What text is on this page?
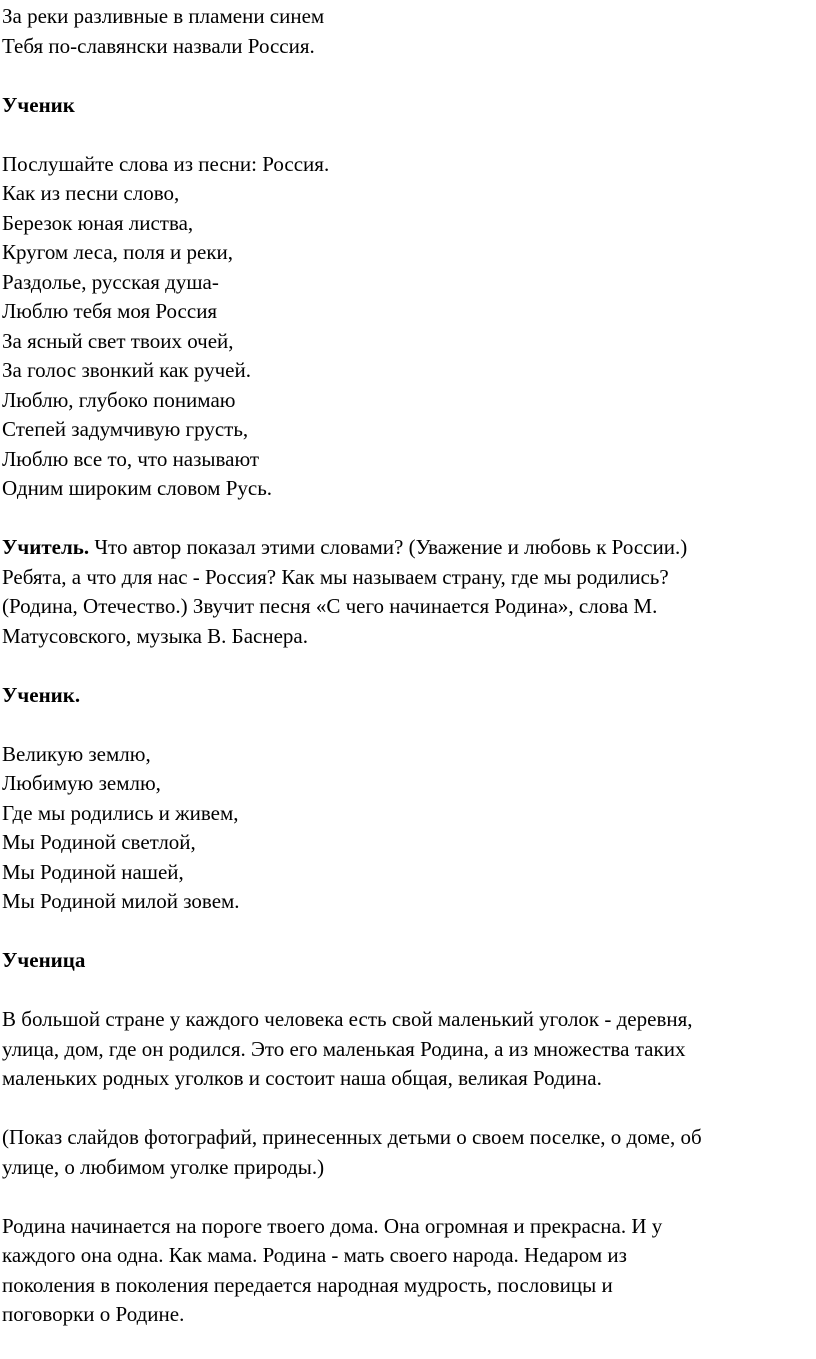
За реки разливные в пламени синем
Тебя по-славянски назвали Россия.
Ученик
Послушайте слова из песни: Россия.
Как из песни слово,
Березок юная листва,
Кругом леса, поля и реки,
Раздолье, русская душа-
Люблю тебя моя Россия
За ясный свет твоих очей,
За голос звонкий как ручей.
Люблю, глубоко понимаю
Степей задумчивую грусть,
Люблю все то, что называют
Одним широким словом Русь.
Учитель. Что автор показал этими словами? (Уважение и любовь к России.)
Ребята, а что для нас - Россия? Как мы называем страну, где мы родились?
(Родина, Отечество.) Звучит песня «С чего начинается Родина», слова М.
Матусовского, музыка В. Баснера.
Ученик.
Великую землю,
Любимую землю,
Где мы родились и живем,
Мы Родиной светлой,
Мы Родиной нашей,
Мы Родиной милой зовем.
Ученица
В большой стране у каждого человека есть свой маленький уголок - деревня,
улица, дом, где он родился. Это его маленькая Родина, а из множества таких
маленьких родных уголков и состоит наша общая, великая Родина.
(Показ слайдов фотографий, принесенных детьми о своем поселке, о доме, об
улице, о любимом уголке природы.)
Родина начинается на пороге твоего дома. Она огромная и прекрасна. И у
каждого она одна. Как мама. Родина - мать своего народа. Недаром из
поколения в поколения передается народная мудрость, пословицы и
поговорки о Родине.
